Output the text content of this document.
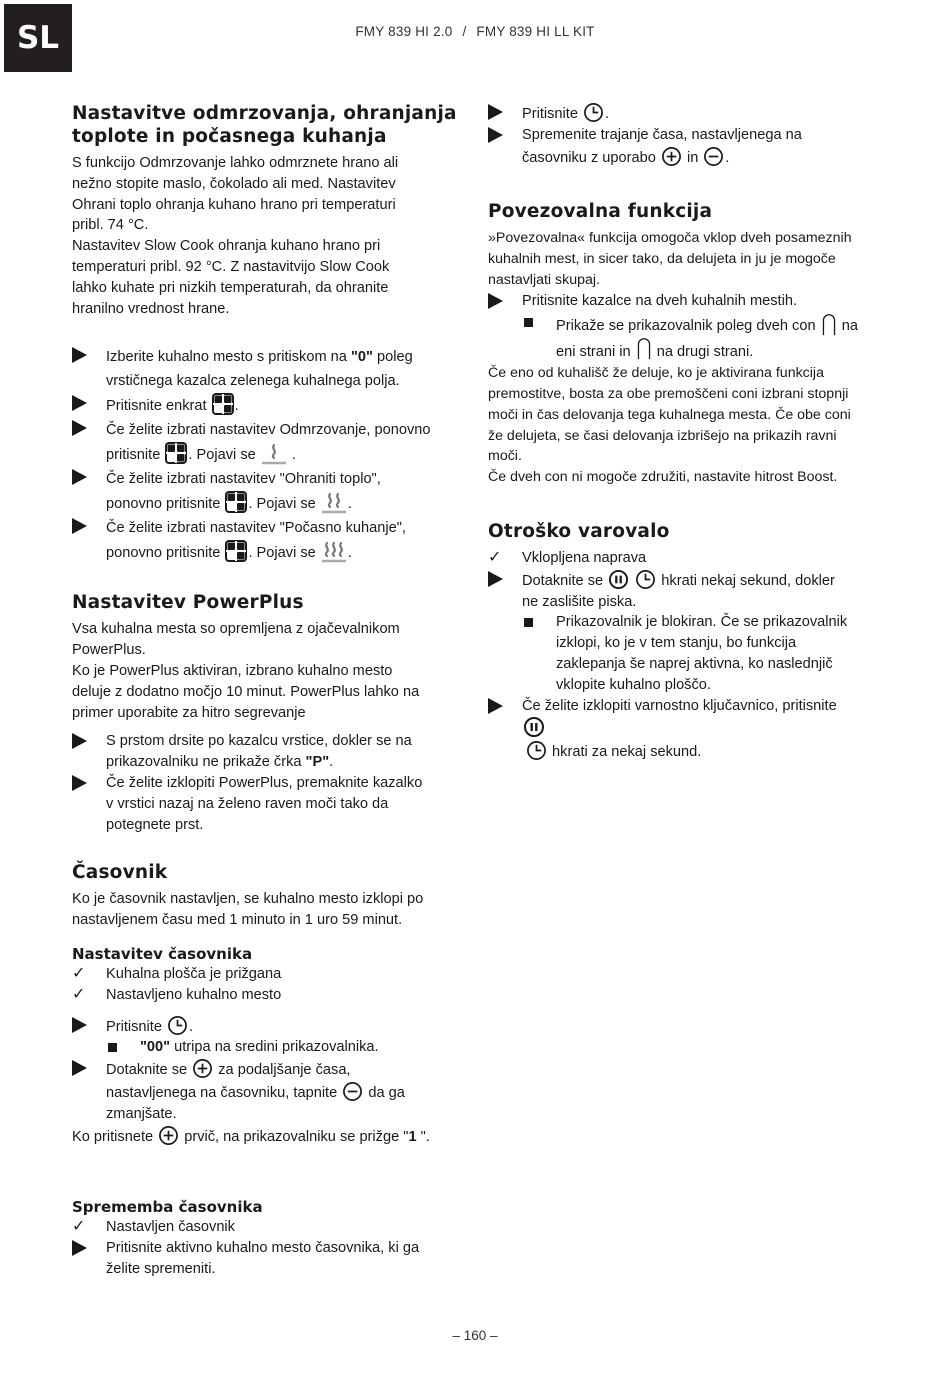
SL	FMY 839 HI 2.0 / FMY 839 HI LL KIT
Nastavitve odmrzovanja, ohranjanja
toplote in počasnega kuhanja

S funkcijo Odmrzovanje lahko odmrznete hrano ali
nežno stopite maslo, čokolado ali med. Nastavitev
Ohrani toplo ohranja kuhano hrano pri temperaturi
pribl. 74 °C.

Nastavitev Slow Cook ohranja kuhano hrano pri
temperaturi pribl. 92 °C. Z nastavitvijo Slow Cook
lahko kuhate pri nizkih temperaturah, da ohranite
hranilno vrednost hrane.

Izberite kuhalno mesto s pritiskom na "0" poleg
vrstičnega kazalca zelenega kuhalnega polja.
Pritisnite enkrat .
Če želite izbrati nastavitev Odmrzovanje, ponovno
pritisnite . Pojavi se  .
Če želite izbrati nastavitev "Ohraniti toplo",
ponovno pritisnite . Pojavi se .
Če želite izbrati nastavitev "Počasno kuhanje",
ponovno pritisnite . Pojavi se .
Nastavitev PowerPlus

Vsa kuhalna mesta so opremljena z ojačevalnikom
PowerPlus.
Ko je PowerPlus aktiviran, izbrano kuhalno mesto
deluje z dodatno močjo 10 minut. PowerPlus lahko na
primer uporabite za hitro segrevanje

S prstom drsite po kazalcu vrstice, dokler se na
prikazovalniku ne prikaže črka "P".
Če želite izklopiti PowerPlus, premaknite kazalko
v vrstici nazaj na želeno raven moči tako da
potegnete prst.
Časovnik

Ko je časovnik nastavljen, se kuhalno mesto izklopi po
nastavljenem času med 1 minuto in 1 uro 59 minut.

Nastavitev časovnika
✓	Kuhalna plošča je prižgana
✓	Nastavljeno kuhalno mesto
Pritisnite .
"00" utripa na sredini prikazovalnika.
Dotaknite se  za podaljšanje časa,
nastavljenega na časovniku, tapnite  da ga
zmanjšate.

Ko pritisnete  prvič, na prikazovalniku se prižge "1 ".

Sprememba časovnika
✓	Nastavljen časovnik
Pritisnite aktivno kuhalno mesto časovnika, ki ga
želite spremeniti.
Pritisnite .
Spremenite trajanje časa, nastavljenega na
časovniku z uporabo  in .
Povezovalna funkcija

»Povezovalna« funkcija omogoča vklop dveh posameznih
kuhalnih mest, in sicer tako, da delujeta in ju je mogoče
nastavljati skupaj.

Pritisnite kazalce na dveh kuhalnih mestih.
Prikaže se prikazovalnik poleg dveh con  na
eni strani in  na drugi strani.

Če eno od kuhališč že deluje, ko je aktivirana funkcija
premostitve, bosta za obe premoščeni coni izbrani stopnji
moči in čas delovanja tega kuhalnega mesta. Če obe coni
že delujeta, se časi delovanja izbrišejo na prikazih ravni
moči.
Če dveh con ni mogoče združiti, nastavite hitrost Boost.

Otroško varovalo
✓	Vklopljena naprava
Dotaknite se	hkrati nekaj sekund, dokler
ne zaslišite piska.
Prikazovalnik je blokiran. Če se prikazovalnik
izklopi, ko je v tem stanju, bo funkcija
zaklepanja še naprej aktivna, ko naslednjič
vklopite kuhalno ploščo.
Če želite izklopiti varnostno ključavnico, pritisnite

hkrati za nekaj sekund.
– 160 –
